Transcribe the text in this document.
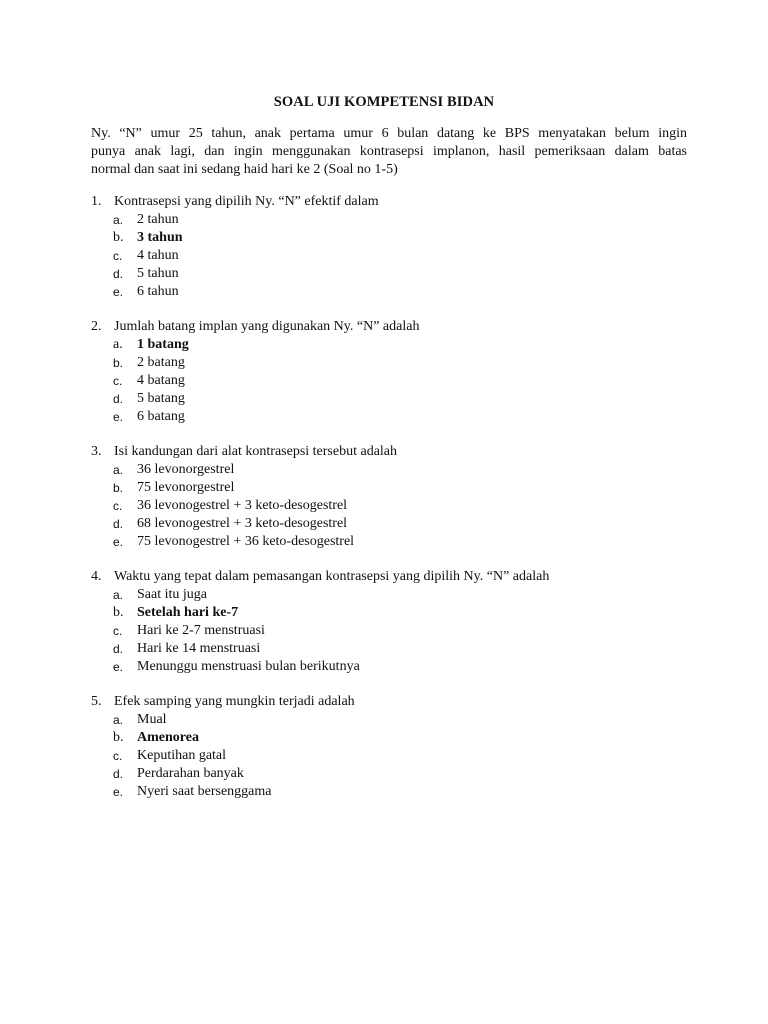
SOAL UJI KOMPETENSI BIDAN

Ny. “N” umur 25 tahun, anak pertama umur 6 bulan datang ke BPS menyatakan belum ingin
punya anak lagi, dan ingin menggunakan kontrasepsi implanon, hasil pemeriksaan dalam batas
normal dan saat ini sedang haid hari ke 2 (Soal no 1-5)

1. Kontrasepsi yang dipilih Ny. “N” efektif dalam
a. 2 tahun
b. 3 tahun
c.	4 tahun
d. 5 tahun
e. 6 tahun
2. Jumlah batang implan yang digunakan Ny. “N” adalah
a.	1 batang
b. 2 batang
c.	4 batang
d. 5 batang
e. 6 batang
3. Isi kandungan dari alat kontrasepsi tersebut adalah
a. 36 levonorgestrel
b. 75 levonorgestrel
c.	36 levonogestrel + 3 keto-desogestrel
d. 68 levonogestrel + 3 keto-desogestrel
e. 75 levonogestrel + 36 keto-desogestrel
4. Waktu yang tepat dalam pemasangan kontrasepsi yang dipilih Ny. “N” adalah
a. Saat itu juga
b. Setelah hari ke-7
c.	Hari ke 2-7 menstruasi
d. Hari ke 14 menstruasi
e. Menunggu menstruasi bulan berikutnya
5. Efek samping yang mungkin terjadi adalah
a. Mual
b. Amenorea
c.	Keputihan gatal
d. Perdarahan banyak
e. Nyeri saat bersenggama
